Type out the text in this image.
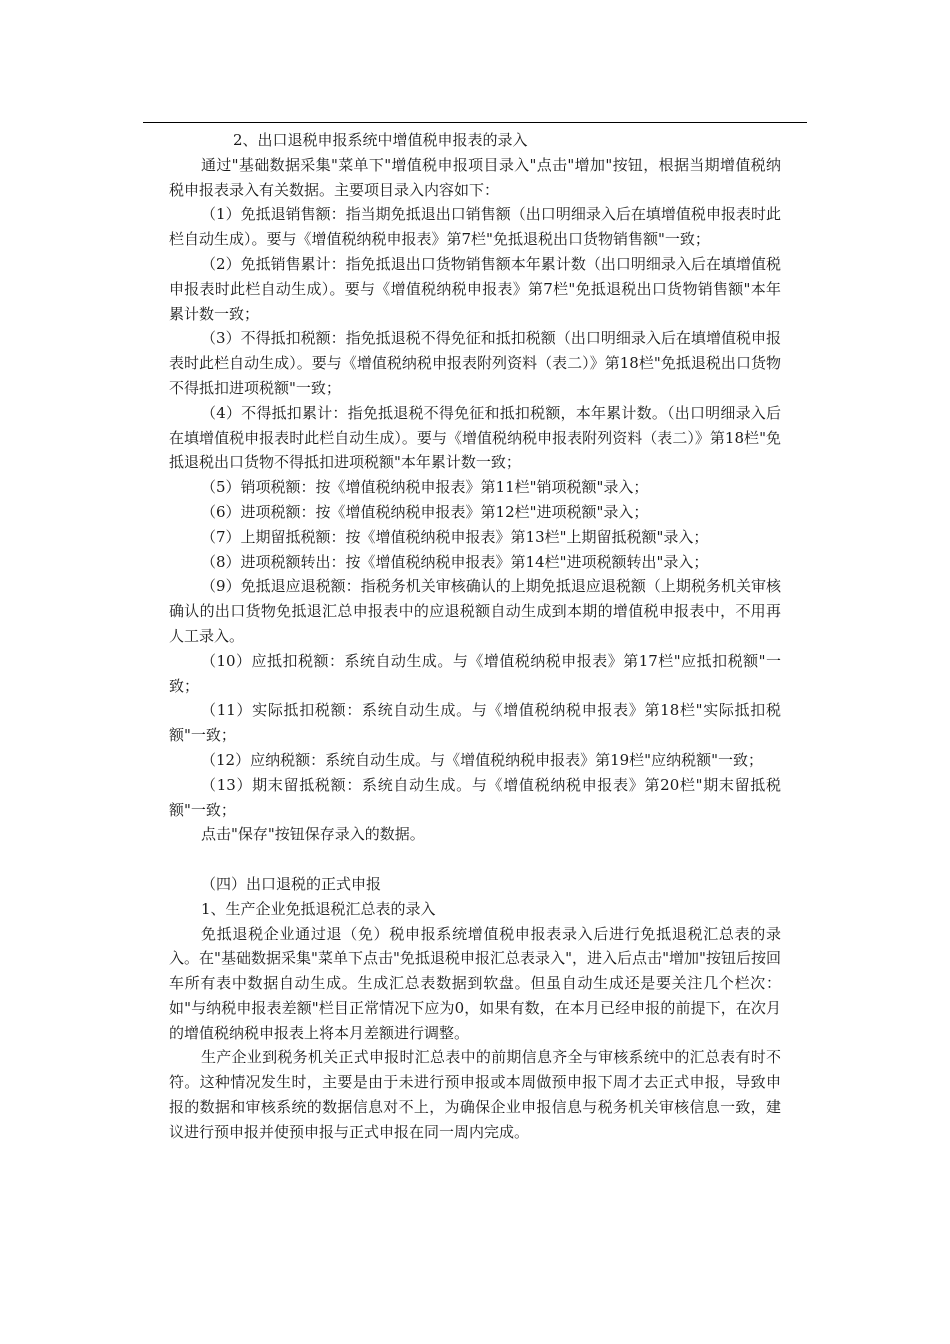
2、出口退税申报系统中增值税申报表的录入

通过"基础数据采集"菜单下"增值税申报项目录入"点击"增加"按钮，根据当期增值税纳税申报表录入有关数据。主要项目录入内容如下：

（1）免抵退销售额：指当期免抵退出口销售额（出口明细录入后在填增值税申报表时此栏自动生成）。要与《增值税纳税申报表》第7栏"免抵退税出口货物销售额"一致；

（2）免抵销售累计：指免抵退出口货物销售额本年累计数（出口明细录入后在填增值税申报表时此栏自动生成）。要与《增值税纳税申报表》第7栏"免抵退税出口货物销售额"本年累计数一致；

（3）不得抵扣税额：指免抵退税不得免征和抵扣税额（出口明细录入后在填增值税申报表时此栏自动生成）。要与《增值税纳税申报表附列资料（表二）》第18栏"免抵退税出口货物不得抵扣进项税额"一致；

（4）不得抵扣累计：指免抵退税不得免征和抵扣税额，本年累计数。（出口明细录入后在填增值税申报表时此栏自动生成）。要与《增值税纳税申报表附列资料（表二）》第18栏"免抵退税出口货物不得抵扣进项税额"本年累计数一致；

（5）销项税额：按《增值税纳税申报表》第11栏"销项税额"录入；

（6）进项税额：按《增值税纳税申报表》第12栏"进项税额"录入；

（7）上期留抵税额：按《增值税纳税申报表》第13栏"上期留抵税额"录入；

（8）进项税额转出：按《增值税纳税申报表》第14栏"进项税额转出"录入；

（9）免抵退应退税额：指税务机关审核确认的上期免抵退应退税额（上期税务机关审核确认的出口货物免抵退汇总申报表中的应退税额自动生成到本期的增值税申报表中，不用再人工录入。

（10）应抵扣税额：系统自动生成。与《增值税纳税申报表》第17栏"应抵扣税额"一致；

（11）实际抵扣税额：系统自动生成。与《增值税纳税申报表》第18栏"实际抵扣税额"一致；

（12）应纳税额：系统自动生成。与《增值税纳税申报表》第19栏"应纳税额"一致；

（13）期末留抵税额：系统自动生成。与《增值税纳税申报表》第20栏"期末留抵税额"一致；

点击"保存"按钮保存录入的数据。

（四）出口退税的正式申报

1、生产企业免抵退税汇总表的录入

免抵退税企业通过退（免）税申报系统增值税申报表录入后进行免抵退税汇总表的录入。在"基础数据采集"菜单下点击"免抵退税申报汇总表录入"，进入后点击"增加"按钮后按回车所有表中数据自动生成。生成汇总表数据到软盘。但虽自动生成还是要关注几个栏次：如"与纳税申报表差额"栏目正常情况下应为0，如果有数，在本月已经申报的前提下，在次月的增值税纳税申报表上将本月差额进行调整。

生产企业到税务机关正式申报时汇总表中的前期信息齐全与审核系统中的汇总表有时不符。这种情况发生时，主要是由于未进行预申报或本周做预申报下周才去正式申报，导致申报的数据和审核系统的数据信息对不上，为确保企业申报信息与税务机关审核信息一致，建议进行预申报并使预申报与正式申报在同一周内完成。
